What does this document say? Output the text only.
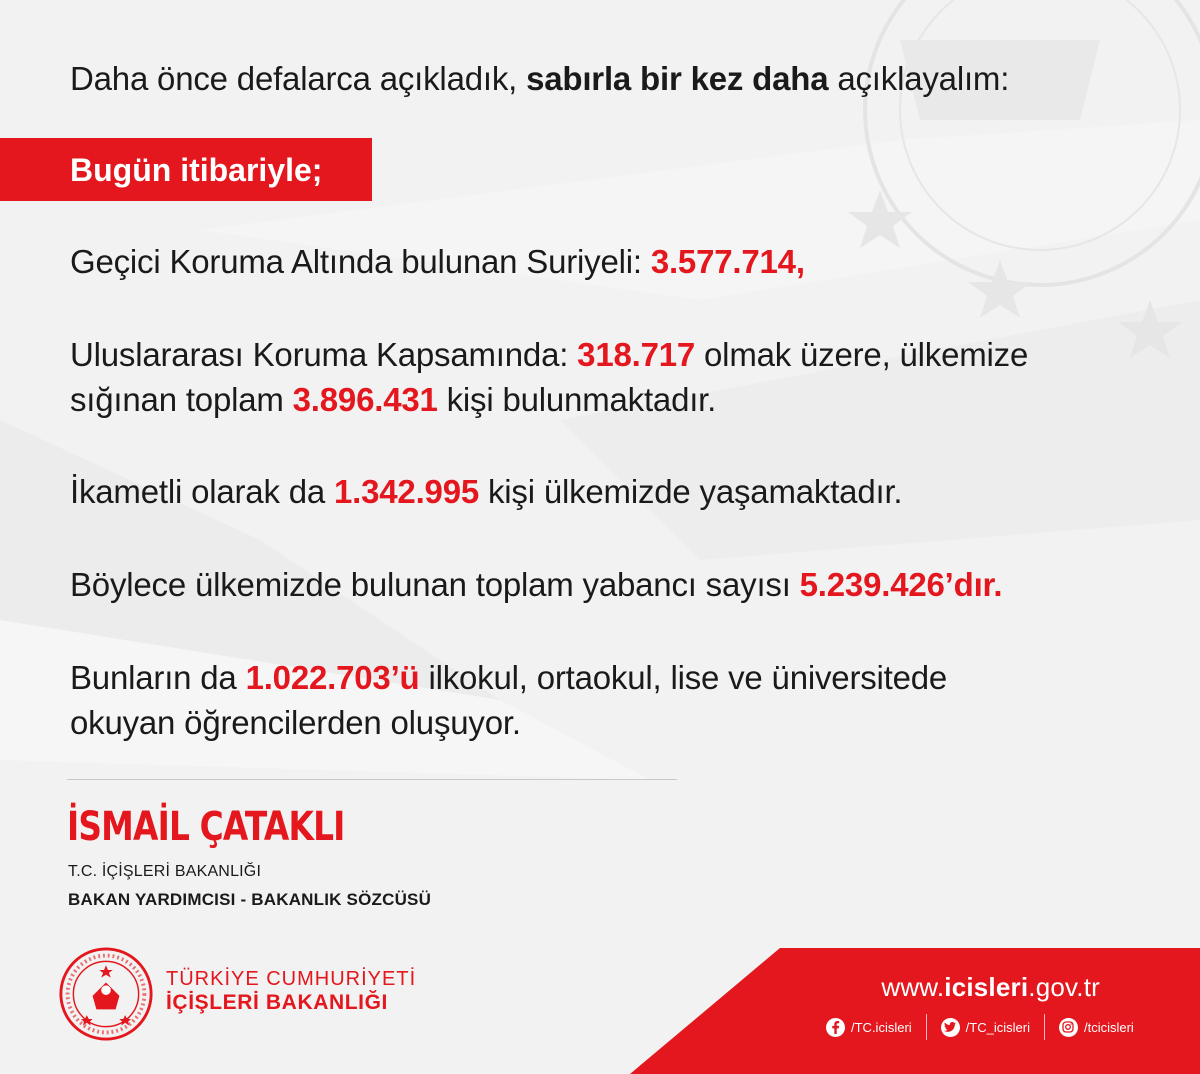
Daha önce defalarca açıkladık, sabırla bir kez daha açıklayalım:

Bugün itibariyle;

Geçici Koruma Altında bulunan Suriyeli: 3.577.714,

Uluslararası Koruma Kapsamında: 318.717 olmak üzere, ülkemize

sığınan toplam 3.896.431 kişi bulunmaktadır.

İkametli olarak da 1.342.995 kişi ülkemizde yaşamaktadır.

Böylece ülkemizde bulunan toplam yabancı sayısı 5.239.426’dır.

Bunların da 1.022.703’ü ilkokul, ortaokul, lise ve üniversitede

okuyan öğrencilerden oluşuyor.

İSMAİL ÇATAKLI

T.C. İÇİŞLERİ BAKANLIĞI
BAKAN YARDIMCISI - BAKANLIK SÖZCÜSÜ
TÜRKİYE CUMHURİYETİ
İÇİŞLERİ BAKANLIĞI
www.icisleri.gov.tr
/TC.icisleri	/TC_icisleri	/tcicisleri
